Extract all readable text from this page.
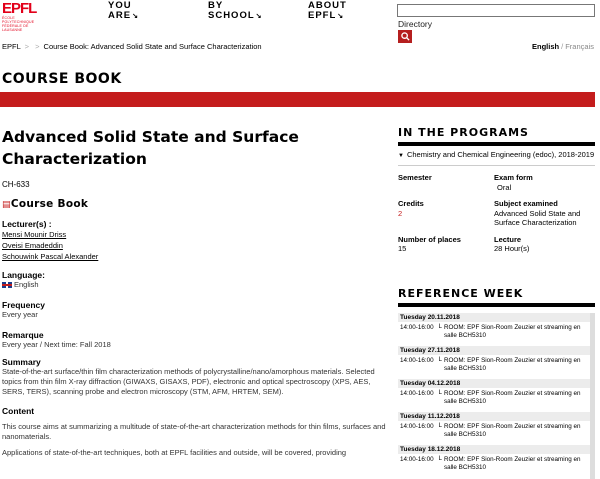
EPFL
ÉCOLE POLYTECHNIQUE
FÉDÉRALE DE LAUSANNE
YOU
ARE↘
BY
SCHOOL↘
ABOUT
EPFL↘
Directory
EPFL > > Course Book: Advanced Solid State and Surface Characterization	English / Français
COURSE BOOK
Advanced Solid State and Surface
Characterization
CH-633
▤Course Book
Lecturer(s) :
Mensi Mounir Driss
Oveisi Emadeddin
Schouwink Pascal Alexander
Language:
English
Frequency
Every year
Remarque
Every year / Next time: Fall 2018
Summary
State-of-the-art surface/thin film characterization methods of polycrystalline/nano/amorphous materials. Selected topics from thin film X-ray diffraction (GIWAXS, GISAXS, PDF), electronic and optical spectroscopy (XPS, AES, SERS, TERS), scanning probe and electron microscopy (STM, AFM, HRTEM, SEM).
Content
This course aims at summarizing a multitude of state-of-the-art characterization methods for thin films, surfaces and nanomaterials.
Applications of state-of-the-art techniques, both at EPFL facilities and outside, will be covered, providing
IN THE PROGRAMS
▼ Chemistry and Chemical Engineering (edoc), 2018-2019
Semester	Exam form
Oral
Credits
2
Subject examined
Advanced Solid State and Surface Characterization
Number of places
15
Lecture
28 Hour(s)
REFERENCE WEEK
Tuesday 20.11.2018
14:00-16:00 L ROOM: EPF Sion-Room Zeuzier et streaming en salle BCH5310
Tuesday 27.11.2018
14:00-16:00 L ROOM: EPF Sion-Room Zeuzier et streaming en salle BCH5310
Tuesday 04.12.2018
14:00-16:00 L ROOM: EPF Sion-Room Zeuzier et streaming en salle BCH5310
Tuesday 11.12.2018
14:00-16:00 L ROOM: EPF Sion-Room Zeuzier et streaming en salle BCH5310
Tuesday 18.12.2018
14:00-16:00 L ROOM: EPF Sion-Room Zeuzier et streaming en salle BCH5310
